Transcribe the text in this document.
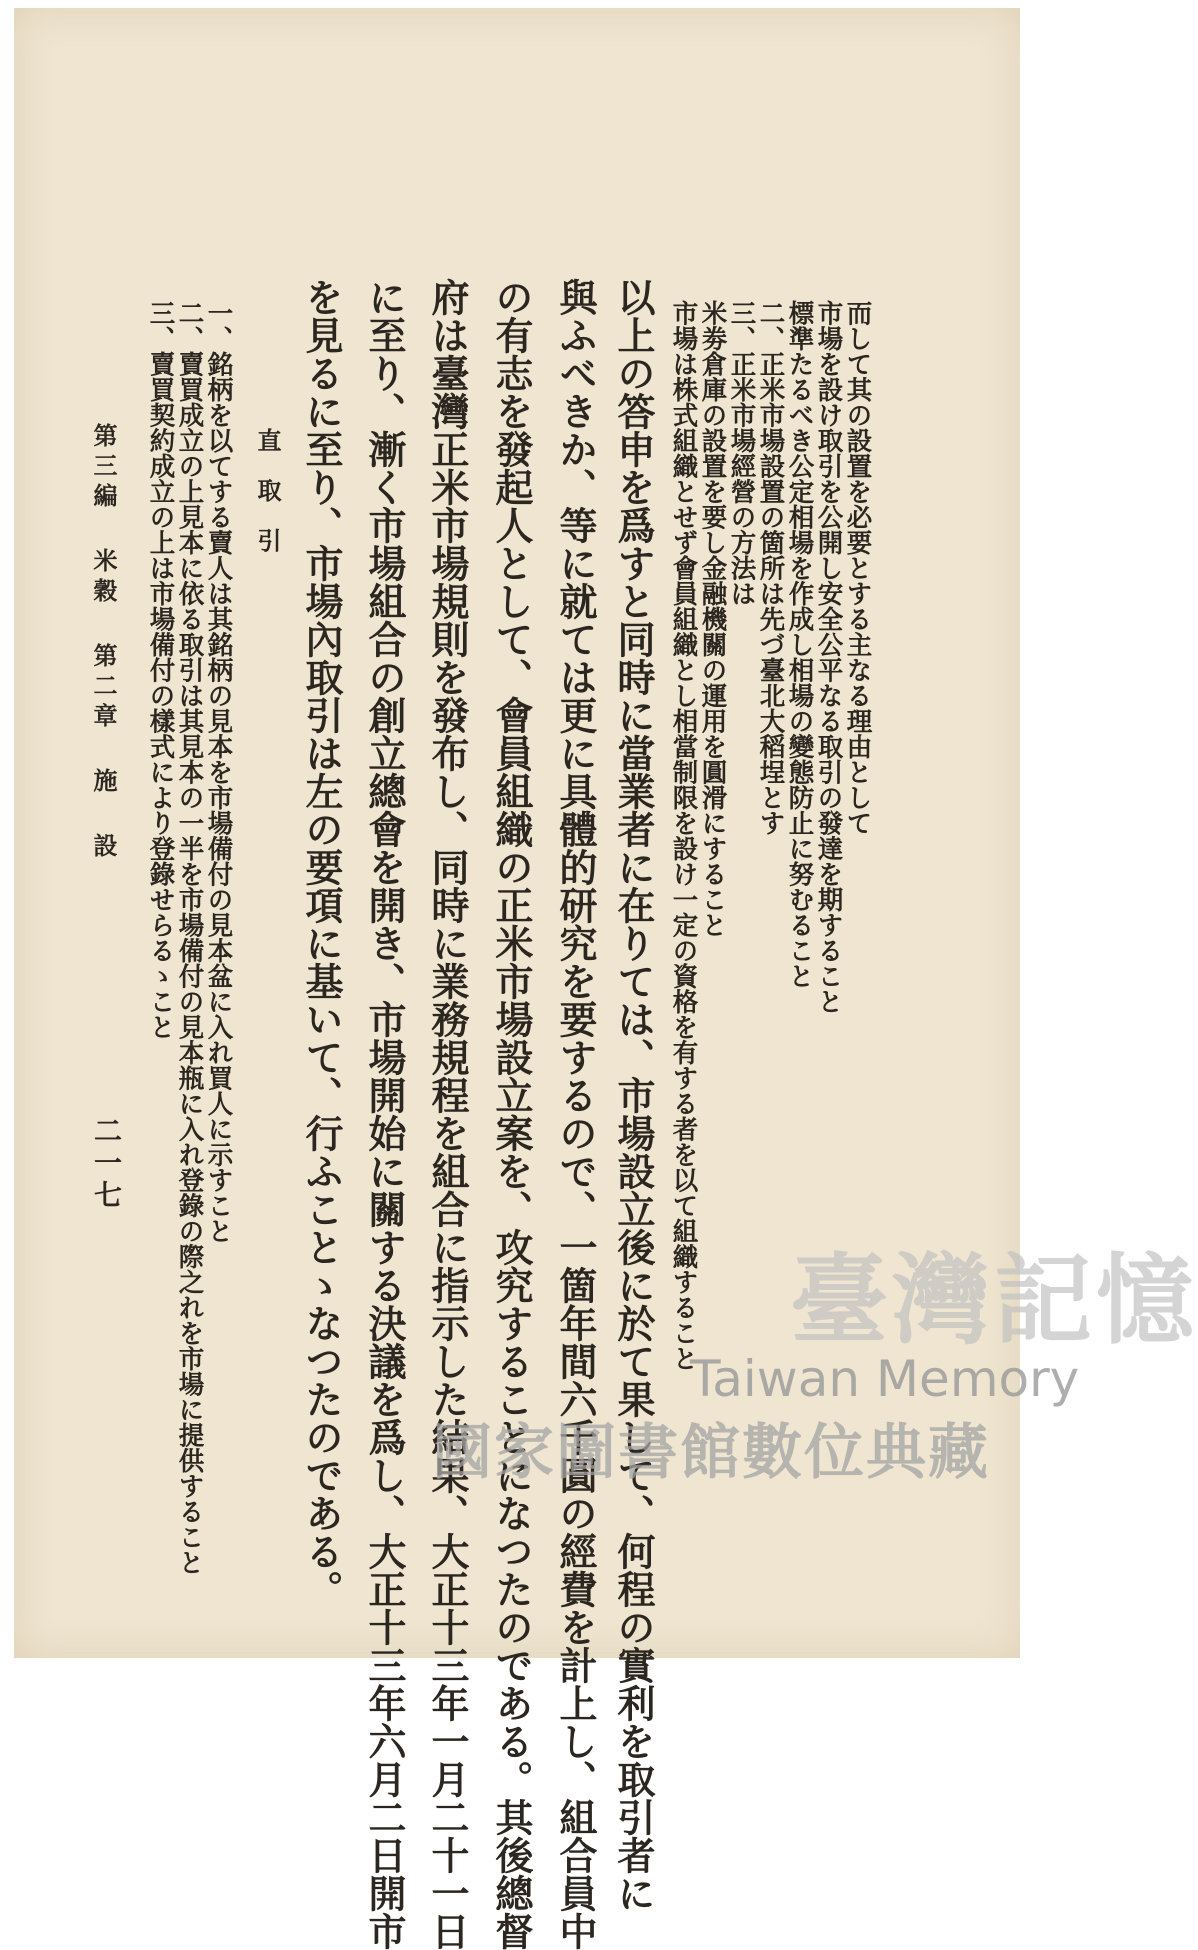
而して其の設置を必要とする主なる理由として
市場を設け取引を公開し安全公平なる取引の發達を期すること
標準たるべき公定相場を作成し相場の變態防止に努むること
二、正米市場設置の箇所は先づ臺北大稻埕とす
三、正米市場經營の方法は
米劵倉庫の設置を要し金融機關の運用を圓滑にすること
市場は株式組織とせず會員組織とし相當制限を設け一定の資格を有する者を以て組織すること
以上の答申を爲すと同時に當業者に在りては、市場設立後に於て果して、何程の實利を取引者に
與ふべきか、等に就ては更に具體的研究を要するので、一箇年間六千圓の經費を計上し、組合員中
の有志を發起人として、會員組織の正米市場設立案を、攻究することになつたのである。其後總督
府は臺灣正米市場規則を發布し、同時に業務規程を組合に指示した結果、大正十三年一月二十一日
に至り、漸く市場組合の創立總會を開き、市場開始に關する決議を爲し、大正十三年六月二日開市
を見るに至り、市場內取引は左の要項に基いて、行ふことゝなつたのである。
直取引
一、銘柄を以てする賣人は其銘柄の見本を市場備付の見本盆に入れ買人に示すこと
二、賣買成立の上見本に依る取引は其見本の一半を市場備付の見本瓶に入れ登錄の際之れを市場に提供すること
三、賣買契約成立の上は市場備付の樣式により登錄せらるゝこと
第三編 米穀 第二章 施 設
二一七
臺灣記憶
Taiwan Memory
國家圖書館數位典藏
